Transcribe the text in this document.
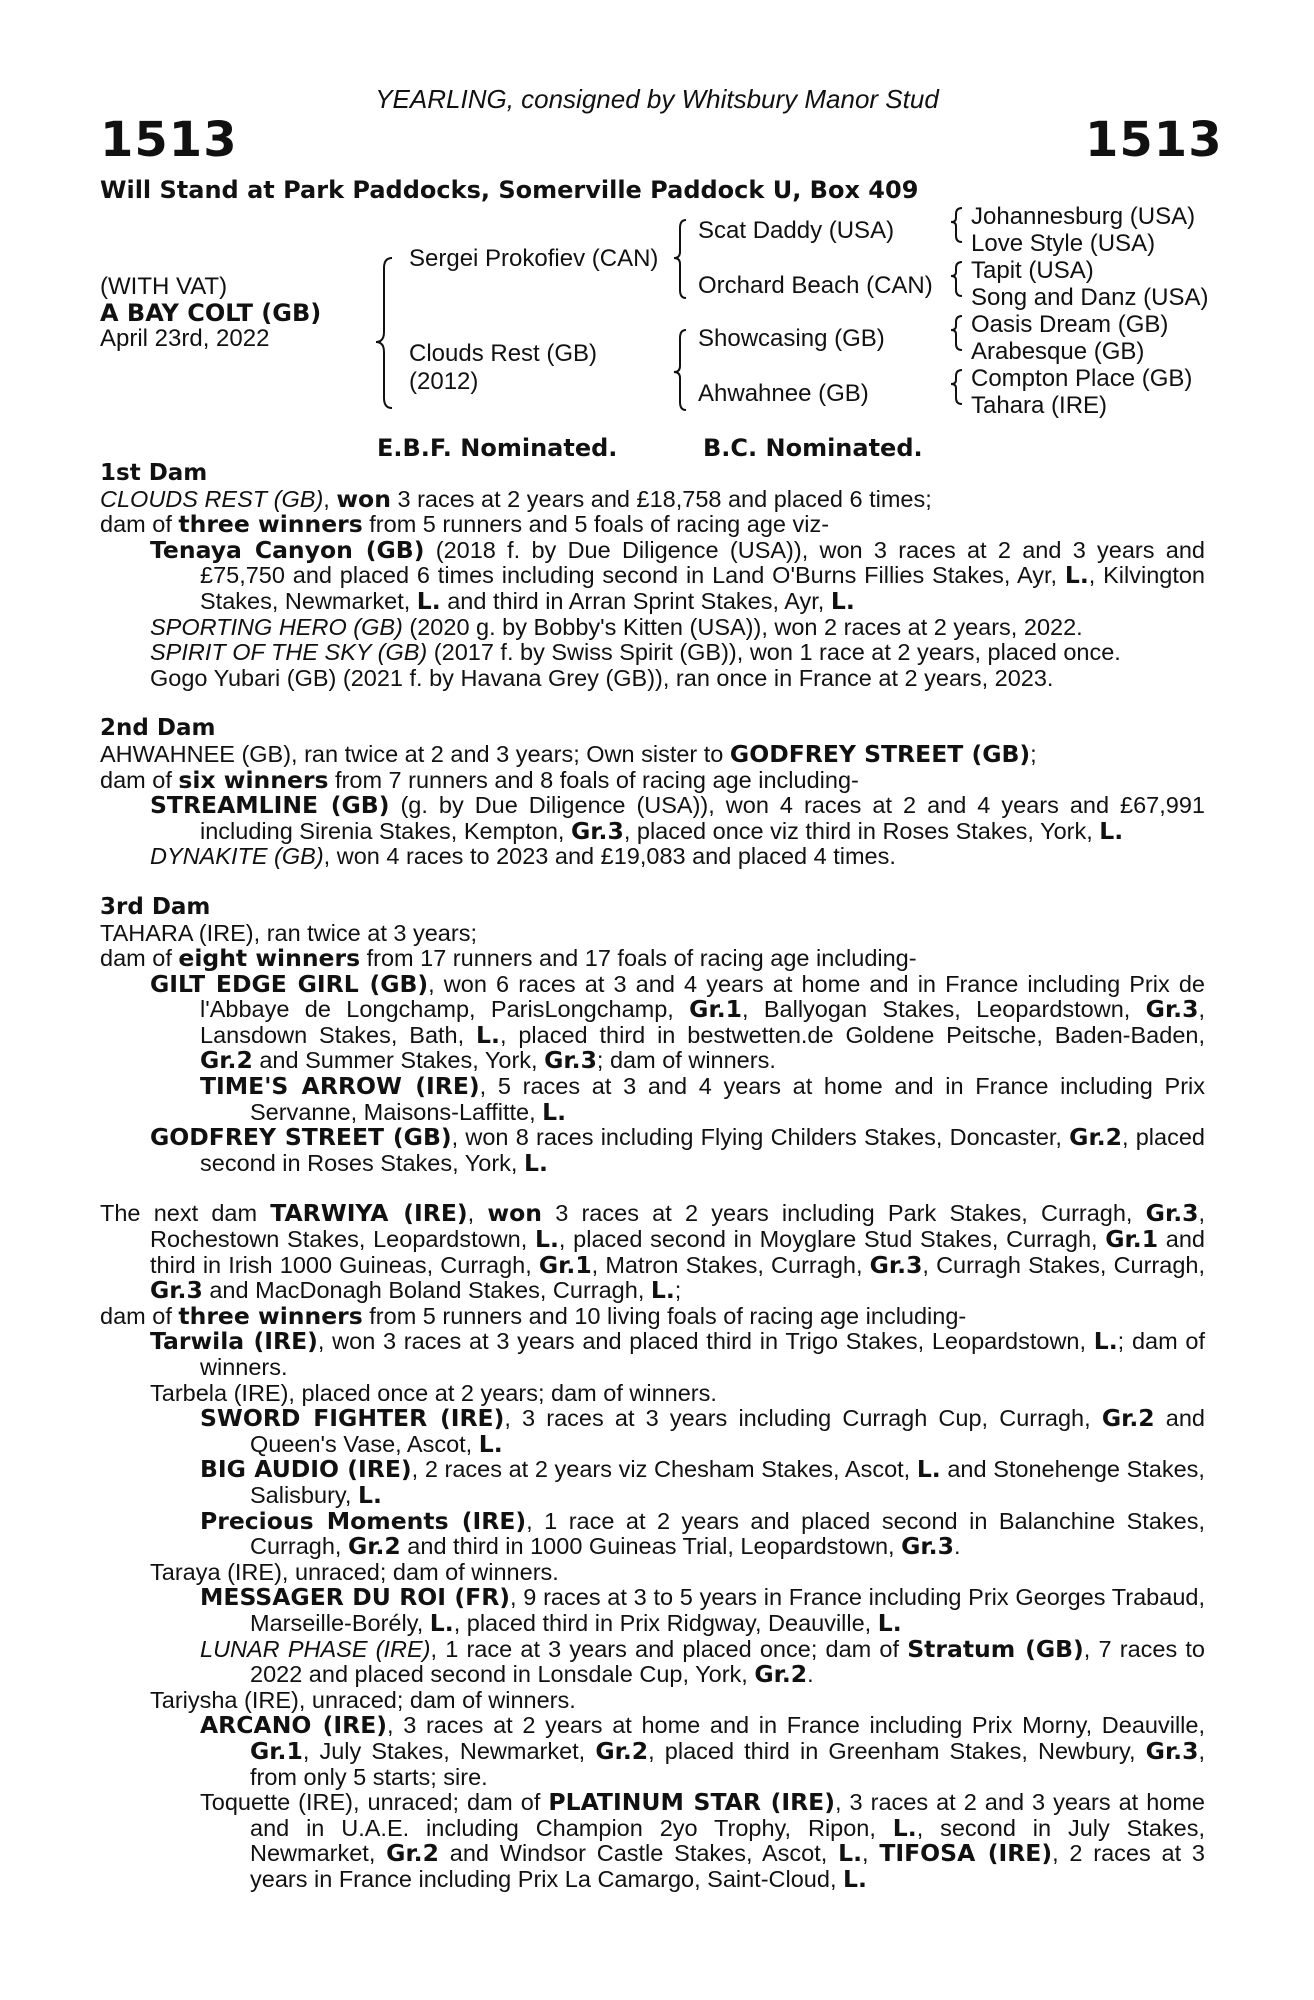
YEARLING, consigned by Whitsbury Manor Stud
1513	1513
Will Stand at Park Paddocks, Somerville Paddock U, Box 409
(WITH VAT)
A BAY COLT (GB)
April 23rd, 2022
Sergei Prokofiev (CAN)
Clouds Rest (GB)
(2012)
Scat Daddy (USA)
Orchard Beach (CAN)
Showcasing (GB)
Ahwahnee (GB)
Johannesburg (USA)
Love Style (USA)
Tapit (USA)
Song and Danz (USA)
Oasis Dream (GB)
Arabesque (GB)
Compton Place (GB)
Tahara (IRE)
E.B.F. Nominated.	B.C. Nominated.

1st Dam

CLOUDS REST (GB), won 3 races at 2 years and £18,758 and placed 6 times;
dam of three winners from 5 runners and 5 foals of racing age viz-

Tenaya Canyon (GB) (2018 f. by Due Diligence (USA)), won 3 races at 2 and 3 years and £75,750 and placed 6 times including second in Land O'Burns Fillies Stakes, Ayr, L., Kilvington Stakes, Newmarket, L. and third in Arran Sprint Stakes, Ayr, L.

SPORTING HERO (GB) (2020 g. by Bobby's Kitten (USA)), won 2 races at 2 years, 2022.

SPIRIT OF THE SKY (GB) (2017 f. by Swiss Spirit (GB)), won 1 race at 2 years, placed once.

Gogo Yubari (GB) (2021 f. by Havana Grey (GB)), ran once in France at 2 years, 2023.

2nd Dam

AHWAHNEE (GB), ran twice at 2 and 3 years; Own sister to GODFREY STREET (GB);
dam of six winners from 7 runners and 8 foals of racing age including-

STREAMLINE (GB) (g. by Due Diligence (USA)), won 4 races at 2 and 4 years and £67,991 including Sirenia Stakes, Kempton, Gr.3, placed once viz third in Roses Stakes, York, L.

DYNAKITE (GB), won 4 races to 2023 and £19,083 and placed 4 times.

3rd Dam

TAHARA (IRE), ran twice at 3 years;
dam of eight winners from 17 runners and 17 foals of racing age including-

GILT EDGE GIRL (GB), won 6 races at 3 and 4 years at home and in France including Prix de l'Abbaye de Longchamp, ParisLongchamp, Gr.1, Ballyogan Stakes, Leopardstown, Gr.3, Lansdown Stakes, Bath, L., placed third in bestwetten.de Goldene Peitsche, Baden-Baden, Gr.2 and Summer Stakes, York, Gr.3; dam of winners.

TIME'S ARROW (IRE), 5 races at 3 and 4 years at home and in France including Prix Servanne, Maisons-Laffitte, L.

GODFREY STREET (GB), won 8 races including Flying Childers Stakes, Doncaster, Gr.2, placed second in Roses Stakes, York, L.

The next dam TARWIYA (IRE), won 3 races at 2 years including Park Stakes, Curragh, Gr.3, Rochestown Stakes, Leopardstown, L., placed second in Moyglare Stud Stakes, Curragh, Gr.1 and third in Irish 1000 Guineas, Curragh, Gr.1, Matron Stakes, Curragh, Gr.3, Curragh Stakes, Curragh, Gr.3 and MacDonagh Boland Stakes, Curragh, L.;

dam of three winners from 5 runners and 10 living foals of racing age including-

Tarwila (IRE), won 3 races at 3 years and placed third in Trigo Stakes, Leopardstown, L.; dam of winners.

Tarbela (IRE), placed once at 2 years; dam of winners.

SWORD FIGHTER (IRE), 3 races at 3 years including Curragh Cup, Curragh, Gr.2 and Queen's Vase, Ascot, L.

BIG AUDIO (IRE), 2 races at 2 years viz Chesham Stakes, Ascot, L. and Stonehenge Stakes, Salisbury, L.

Precious Moments (IRE), 1 race at 2 years and placed second in Balanchine Stakes, Curragh, Gr.2 and third in 1000 Guineas Trial, Leopardstown, Gr.3.

Taraya (IRE), unraced; dam of winners.

MESSAGER DU ROI (FR), 9 races at 3 to 5 years in France including Prix Georges Trabaud, Marseille-Borély, L., placed third in Prix Ridgway, Deauville, L.

LUNAR PHASE (IRE), 1 race at 3 years and placed once; dam of Stratum (GB), 7 races to 2022 and placed second in Lonsdale Cup, York, Gr.2.

Tariysha (IRE), unraced; dam of winners.

ARCANO (IRE), 3 races at 2 years at home and in France including Prix Morny, Deauville, Gr.1, July Stakes, Newmarket, Gr.2, placed third in Greenham Stakes, Newbury, Gr.3, from only 5 starts; sire.

Toquette (IRE), unraced; dam of PLATINUM STAR (IRE), 3 races at 2 and 3 years at home and in U.A.E. including Champion 2yo Trophy, Ripon, L., second in July Stakes, Newmarket, Gr.2 and Windsor Castle Stakes, Ascot, L., TIFOSA (IRE), 2 races at 3 years in France including Prix La Camargo, Saint-Cloud, L.
